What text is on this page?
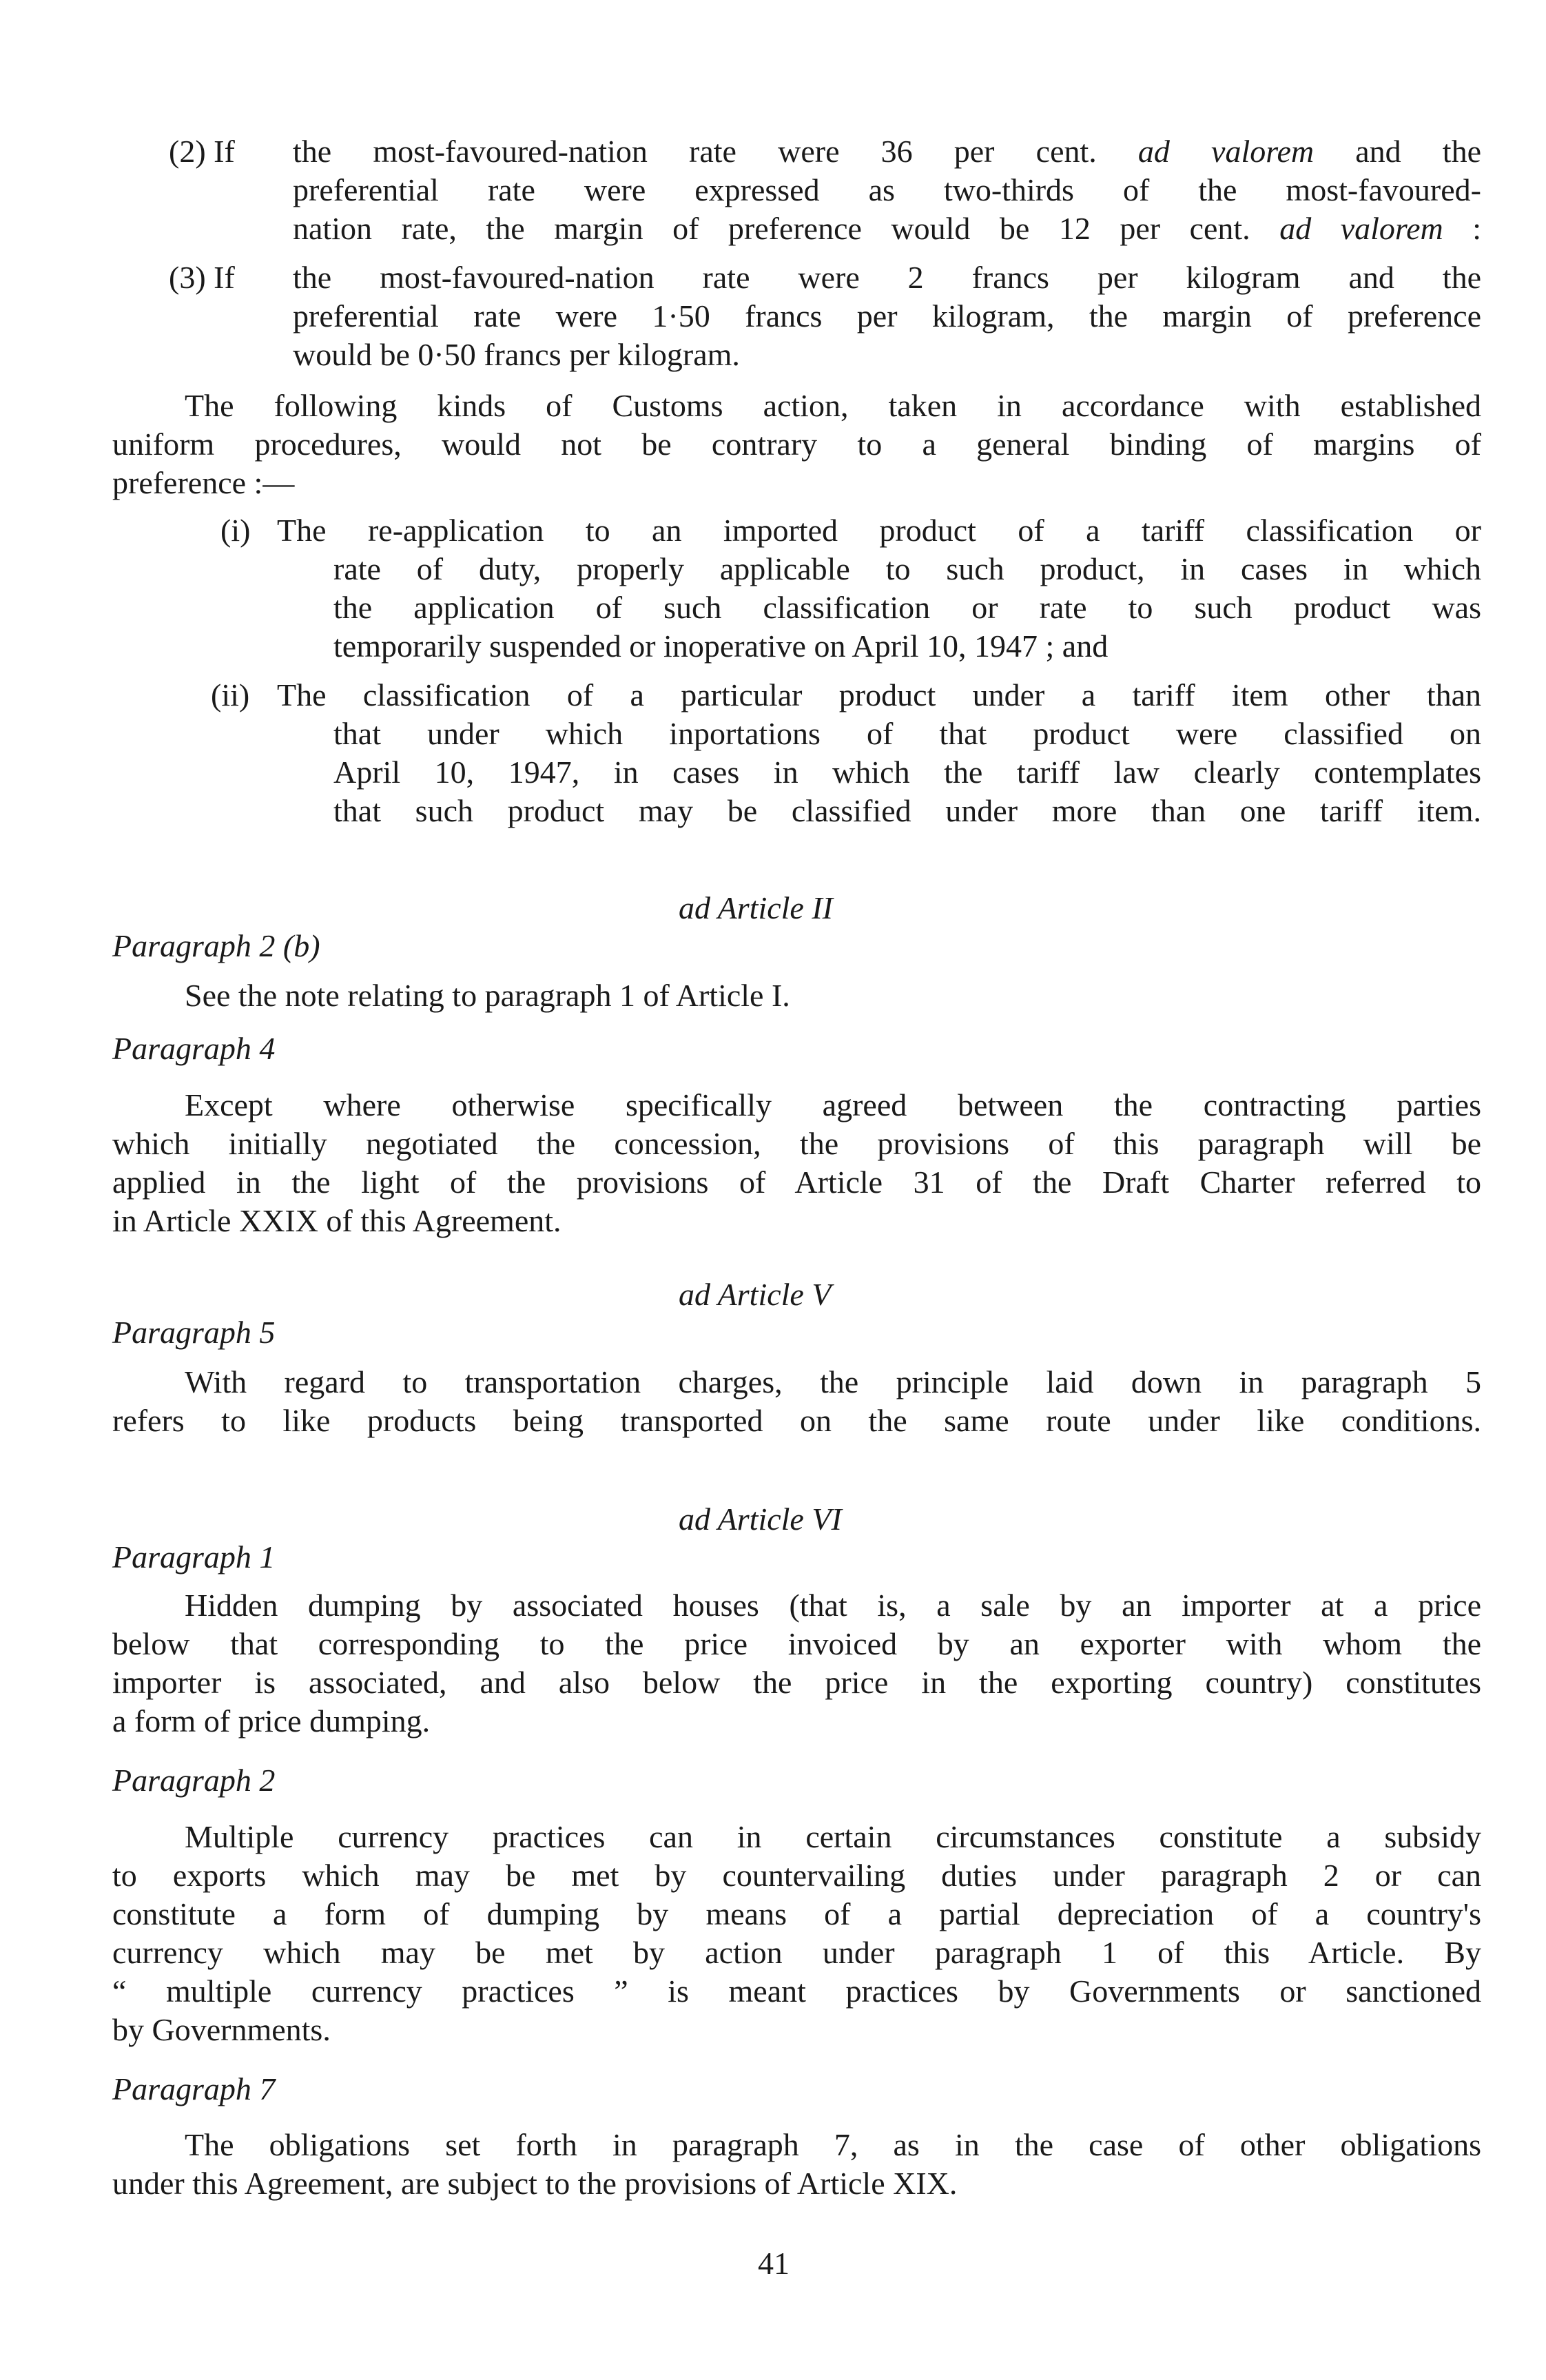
(2) If the most-favoured-nation rate were 36 per cent. ad valorem and the

preferential rate were expressed as two-thirds of the most-favoured-

nation rate, the margin of preference would be 12 per cent. ad valorem :

(3) If the most-favoured-nation rate were 2 francs per kilogram and the

preferential rate were 1·50 francs per kilogram, the margin of preference

would be 0·50 francs per kilogram.

The following kinds of Customs action, taken in accordance with established

uniform procedures, would not be contrary to a general binding of margins of

preference :—

(i) The re-application to an imported product of a tariff classification or

rate of duty, properly applicable to such product, in cases in which

the application of such classification or rate to such product was

temporarily suspended or inoperative on April 10, 1947 ; and

(ii) The classification of a particular product under a tariff item other than

that under which inportations of that product were classified on

April 10, 1947, in cases in which the tariff law clearly contemplates

that such product may be classified under more than one tariff item.

ad Article II

Paragraph 2 (b)

See the note relating to paragraph 1 of Article I.

Paragraph 4

Except where otherwise specifically agreed between the contracting parties

which initially negotiated the concession, the provisions of this paragraph will be

applied in the light of the provisions of Article 31 of the Draft Charter referred to

in Article XXIX of this Agreement.

ad Article V

Paragraph 5

With regard to transportation charges, the principle laid down in paragraph 5

refers to like products being transported on the same route under like conditions.

ad Article VI

Paragraph 1

Hidden dumping by associated houses (that is, a sale by an importer at a price

below that corresponding to the price invoiced by an exporter with whom the

importer is associated, and also below the price in the exporting country) constitutes

a form of price dumping.

Paragraph 2

Multiple currency practices can in certain circumstances constitute a subsidy

to exports which may be met by countervailing duties under paragraph 2 or can

constitute a form of dumping by means of a partial depreciation of a country's

currency which may be met by action under paragraph 1 of this Article. By

“ multiple currency practices ” is meant practices by Governments or sanctioned

by Governments.

Paragraph 7

The obligations set forth in paragraph 7, as in the case of other obligations

under this Agreement, are subject to the provisions of Article XIX.

41
